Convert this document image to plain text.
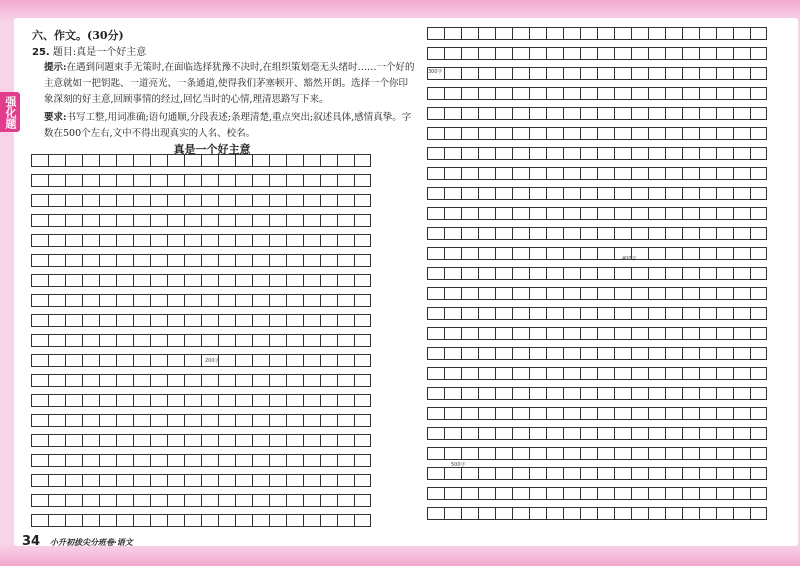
强化题
六、作文。(30分)
25. 题目:真是一个好主意
提示:在遇到问题束手无策时,在面临选择犹豫不决时,在组织策划毫无头绪时……一个好的主意就如一把钥匙、一道亮光、一条通道,使得我们茅塞顿开、豁然开朗。选择一个你印象深刻的好主意,回顾事情的经过,回忆当时的心情,理清思路写下来。
要求:书写工整,用词准确;语句通顺,分段表述;条理清楚,重点突出;叙述具体,感情真挚。字数在500个左右,文中不得出现真实的人名、校名。
真是一个好主意
200字
300字
400字
500字
34 小升初拔尖分班卷·语文
